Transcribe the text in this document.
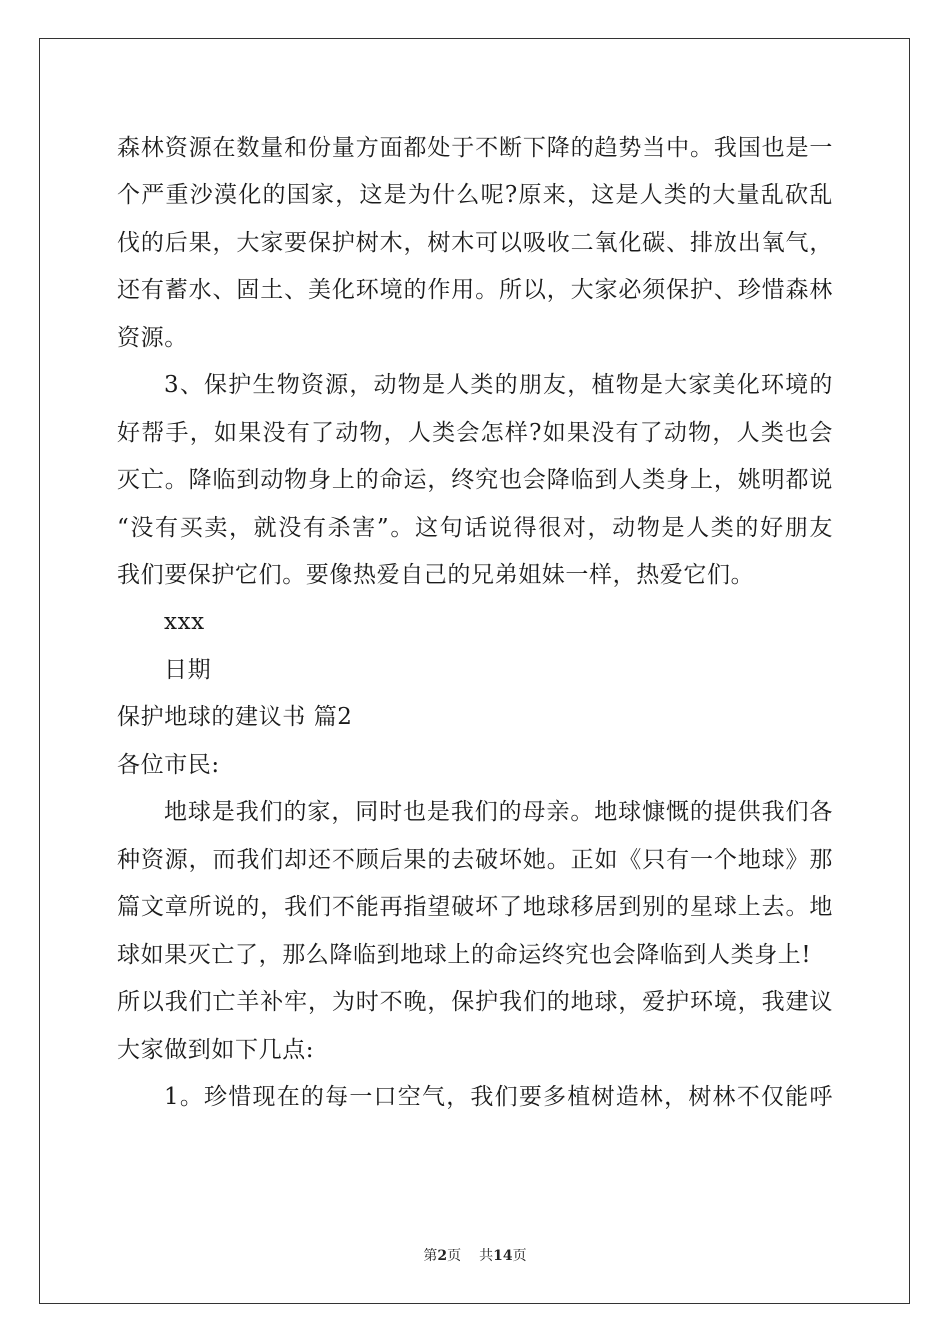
森林资源在数量和份量方面都处于不断下降的趋势当中。我国也是一
个严重沙漠化的国家，这是为什么呢?原来，这是人类的大量乱砍乱
伐的后果，大家要保护树木，树木可以吸收二氧化碳、排放出氧气，
还有蓄水、固土、美化环境的作用。所以，大家必须保护、珍惜森林
资源。
3、保护生物资源，动物是人类的朋友，植物是大家美化环境的
好帮手，如果没有了动物，人类会怎样?如果没有了动物，人类也会
灭亡。降临到动物身上的命运，终究也会降临到人类身上，姚明都说
“没有买卖，就没有杀害”。这句话说得很对，动物是人类的好朋友
我们要保护它们。要像热爱自己的兄弟姐妹一样，热爱它们。
xxx
日期
保护地球的建议书 篇2
各位市民:
地球是我们的家，同时也是我们的母亲。地球慷慨的提供我们各
种资源，而我们却还不顾后果的去破坏她。正如《只有一个地球》那
篇文章所说的，我们不能再指望破坏了地球移居到别的星球上去。地
球如果灭亡了，那么降临到地球上的命运终究也会降临到人类身上!
所以我们亡羊补牢，为时不晚，保护我们的地球，爱护环境，我建议
大家做到如下几点:
1。珍惜现在的每一口空气，我们要多植树造林，树林不仅能呼
第2页 共14页
